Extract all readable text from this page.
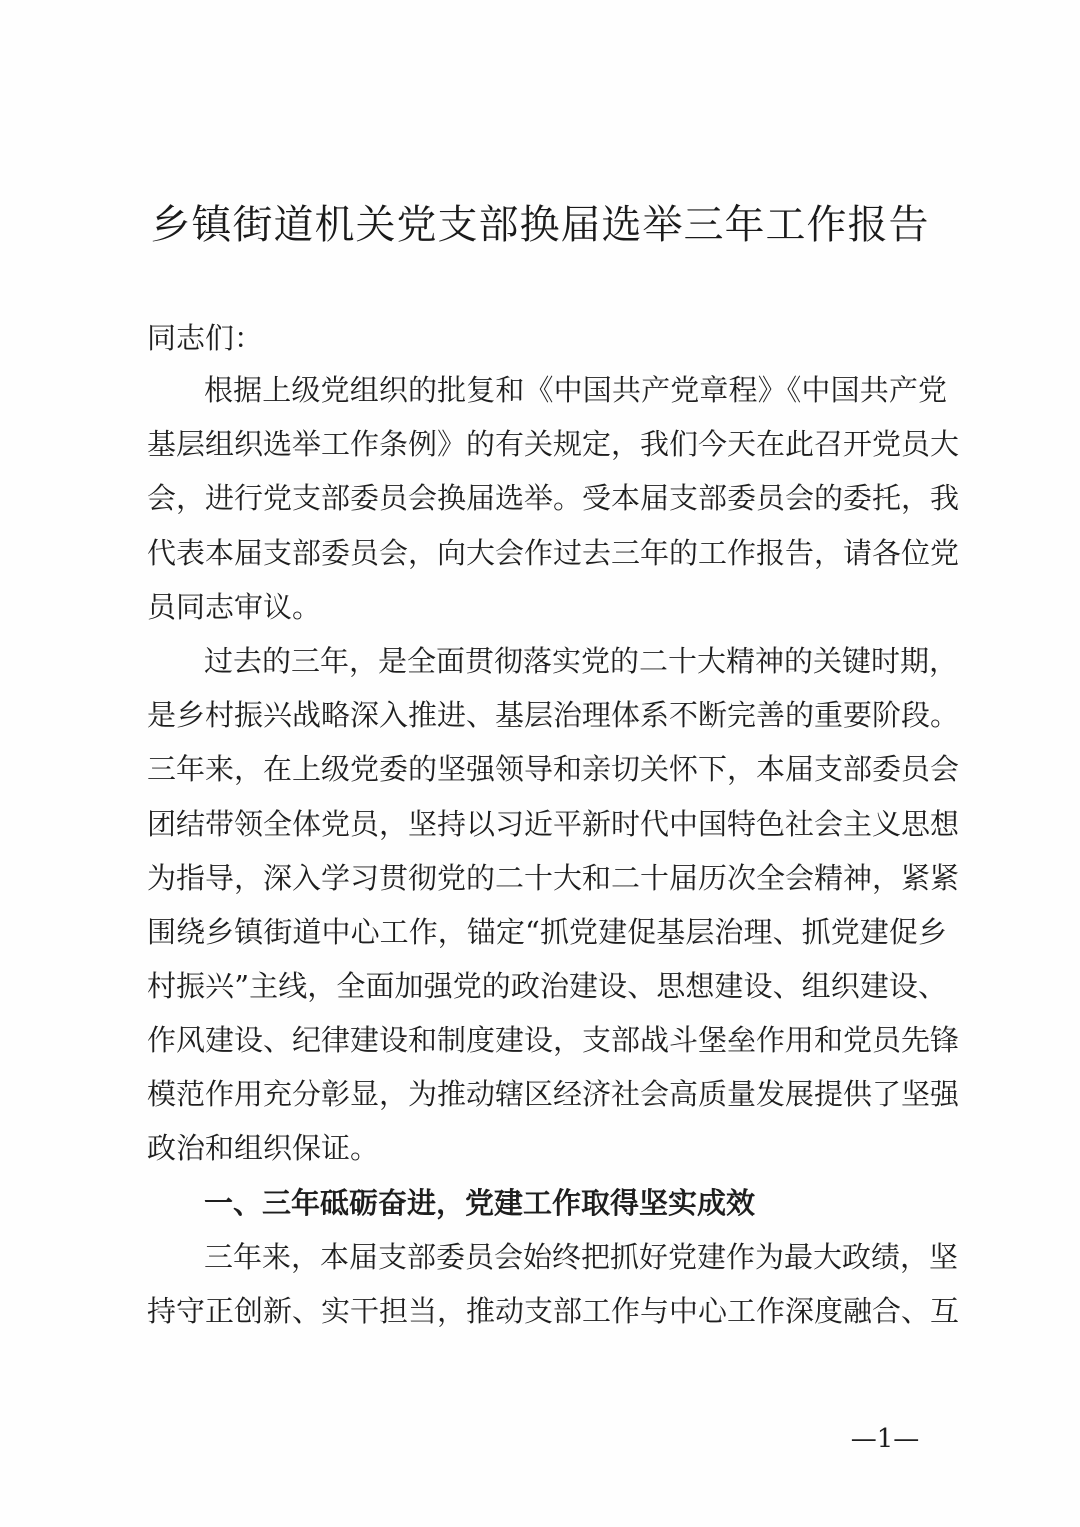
乡镇街道机关党支部换届选举三年工作报告
同志们：
根据上级党组织的批复和《中国共产党章程》《中国共产党
基层组织选举工作条例》的有关规定，我们今天在此召开党员大
会，进行党支部委员会换届选举。受本届支部委员会的委托，我
代表本届支部委员会，向大会作过去三年的工作报告，请各位党
员同志审议。
过去的三年，是全面贯彻落实党的二十大精神的关键时期，
是乡村振兴战略深入推进、基层治理体系不断完善的重要阶段。
三年来，在上级党委的坚强领导和亲切关怀下，本届支部委员会
团结带领全体党员，坚持以习近平新时代中国特色社会主义思想
为指导，深入学习贯彻党的二十大和二十届历次全会精神，紧紧
围绕乡镇街道中心工作，锚定“抓党建促基层治理、抓党建促乡
村振兴”主线，全面加强党的政治建设、思想建设、组织建设、
作风建设、纪律建设和制度建设，支部战斗堡垒作用和党员先锋
模范作用充分彰显，为推动辖区经济社会高质量发展提供了坚强
政治和组织保证。
一、三年砥砺奋进，党建工作取得坚实成效
三年来，本届支部委员会始终把抓好党建作为最大政绩，坚
持守正创新、实干担当，推动支部工作与中心工作深度融合、互
—1—
